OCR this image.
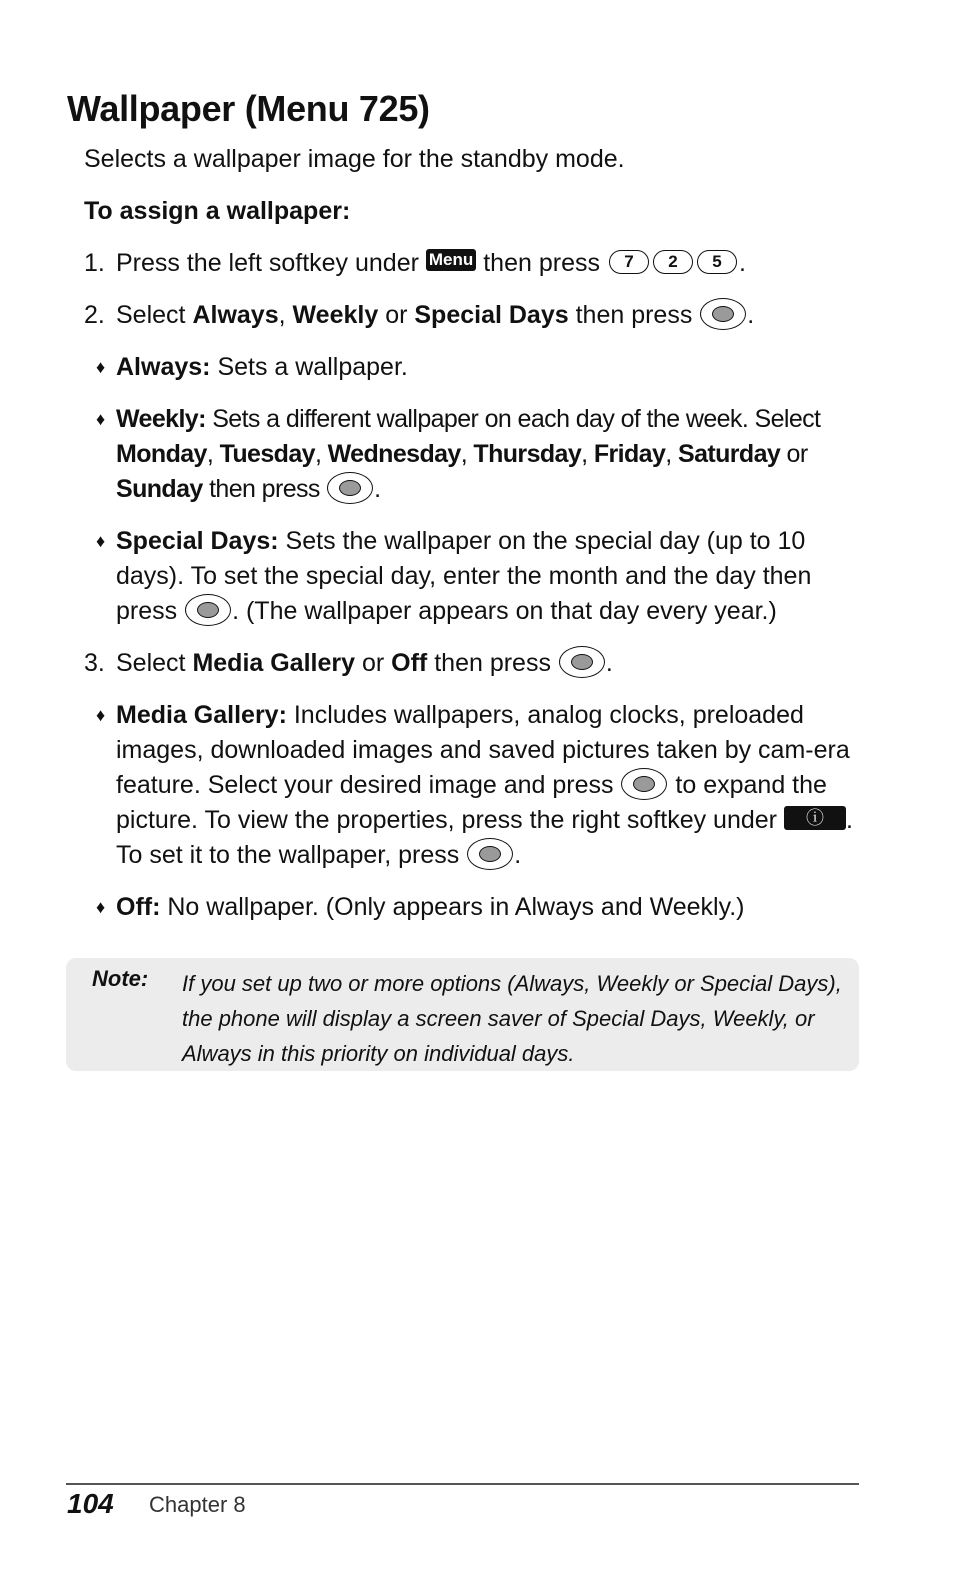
Wallpaper (Menu 725)
Selects a wallpaper image for the standby mode.
To assign a wallpaper:
1. Press the left softkey under Menu then press 7 2 5 .
2. Select Always, Weekly or Special Days then press .
♦ Always: Sets a wallpaper.
♦ Weekly: Sets a different wallpaper on each day of the week. Select
Monday, Tuesday, Wednesday, Thursday, Friday, Saturday or
Sunday then press .
♦ Special Days: Sets the wallpaper on the special day (up to 10 days). To set the special day, enter the month and the day then press . (The wallpaper appears on that day every year.)
3. Select Media Gallery or Off then press .
♦ Media Gallery: Includes wallpapers, analog clocks, preloaded images, downloaded images and saved pictures taken by cam-era feature. Select your desired image and press to expand the picture. To view the properties, press the right softkey under ⓘ . To set it to the wallpaper, press .
♦ Off: No wallpaper. (Only appears in Always and Weekly.)
Note: If you set up two or more options (Always, Weekly or Special Days), the phone will display a screen saver of Special Days, Weekly, or Always in this priority on individual days.
104 Chapter 8
